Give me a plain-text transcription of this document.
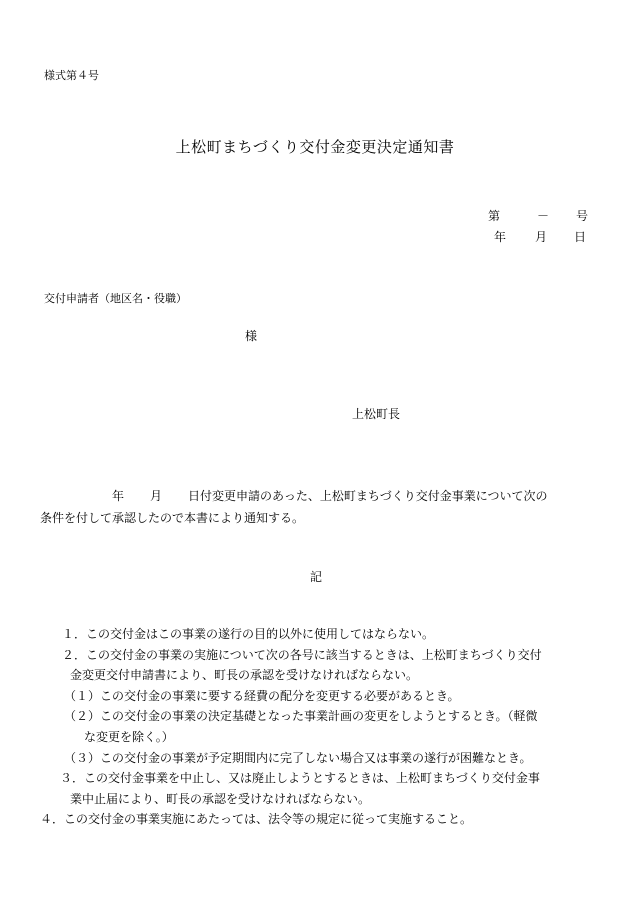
様式第４号
上松町まちづくり交付金変更決定通知書
第	－ 号
年 月 日
交付申請者（地区名・役職）
様
上松町長
年 月 日付変更申請のあった、上松町まちづくり交付金事業について次の
条件を付して承認したので本書により通知する。
記
１．この交付金はこの事業の遂行の目的以外に使用してはならない。
２．この交付金の事業の実施について次の各号に該当するときは、上松町まちづくり交付
金変更交付申請書により、町長の承認を受けなければならない。
（１）この交付金の事業に要する経費の配分を変更する必要があるとき。
（２）この交付金の事業の決定基礎となった事業計画の変更をしようとするとき。（軽微
な変更を除く。）
（３）この交付金の事業が予定期間内に完了しない場合又は事業の遂行が困難なとき。
３．この交付金事業を中止し、又は廃止しようとするときは、上松町まちづくり交付金事
業中止届により、町長の承認を受けなければならない。
４．この交付金の事業実施にあたっては、法令等の規定に従って実施すること。
